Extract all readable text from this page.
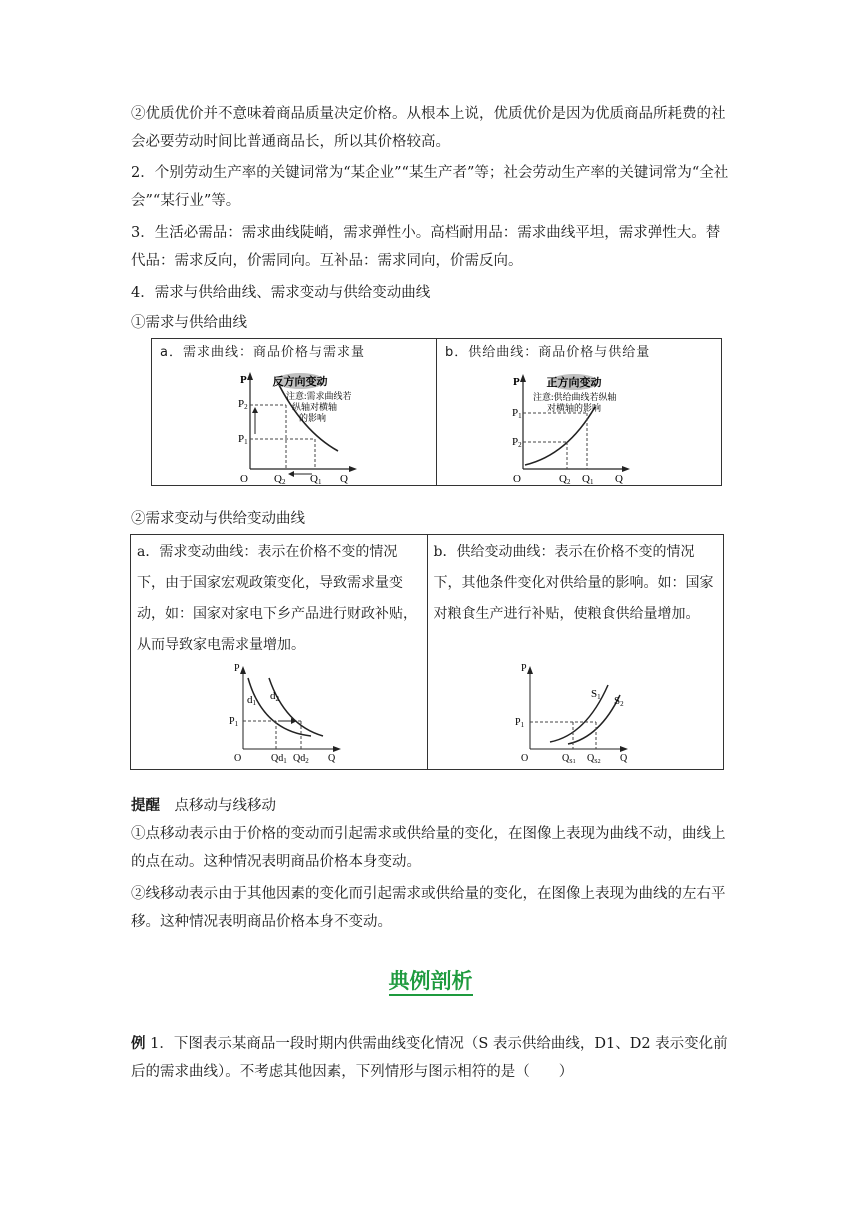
②优质优价并不意味着商品质量决定价格。从根本上说，优质优价是因为优质商品所耗费的社会必要劳动时间比普通商品长，所以其价格较高。

2．个别劳动生产率的关键词常为“某企业”“某生产者”等；社会劳动生产率的关键词常为“全社会”“某行业”等。

3．生活必需品：需求曲线陡峭，需求弹性小。高档耐用品：需求曲线平坦，需求弹性大。替代品：需求反向，价需同向。互补品：需求同向，价需反向。

4．需求与供给曲线、需求变动与供给变动曲线

①需求与供给曲线

a．需求曲线：商品价格与需求量
反方向变动
注意:需求曲线若
纵轴对横轴
的影响
P
P2
P1
O Q2 Q1 Q
b．供给曲线：商品价格与供给量
正方向变动
注意:供给曲线若纵轴
对横轴的影响
P
P1
P2
O	Q2 Q1 Q

②需求变动与供给变动曲线

a．需求变动曲线：表示在价格不变的情况下，由于国家宏观政策变化，导致需求量变动，如：国家对家电下乡产品进行财政补贴，从而导致家电需求量增加。

P
d1
d2
$P_1$
O	$Qd_1$ $Qd_2$ Q

b．供给变动曲线：表示在价格不变的情况下，其他条件变化对供给量的影响。如：国家对粮食生产进行补贴，使粮食供给量增加。

P
S1 S2
$P_1$
O	$Q_{S1}$ $Q_{S2}$ Q

提醒　 点移动与线移动

①点移动表示由于价格的变动而引起需求或供给量的变化，在图像上表现为曲线不动，曲线上的点在动。这种情况表明商品价格本身变动。

②线移动表示由于其他因素的变化而引起需求或供给量的变化，在图像上表现为曲线的左右平移。这种情况表明商品价格本身不变动。

典例剖析

例 1．下图表示某商品一段时期内供需曲线变化情况（S 表示供给曲线，D1、D2 表示变化前后的需求曲线）。不考虑其他因素，下列情形与图示相符的是（　　）
